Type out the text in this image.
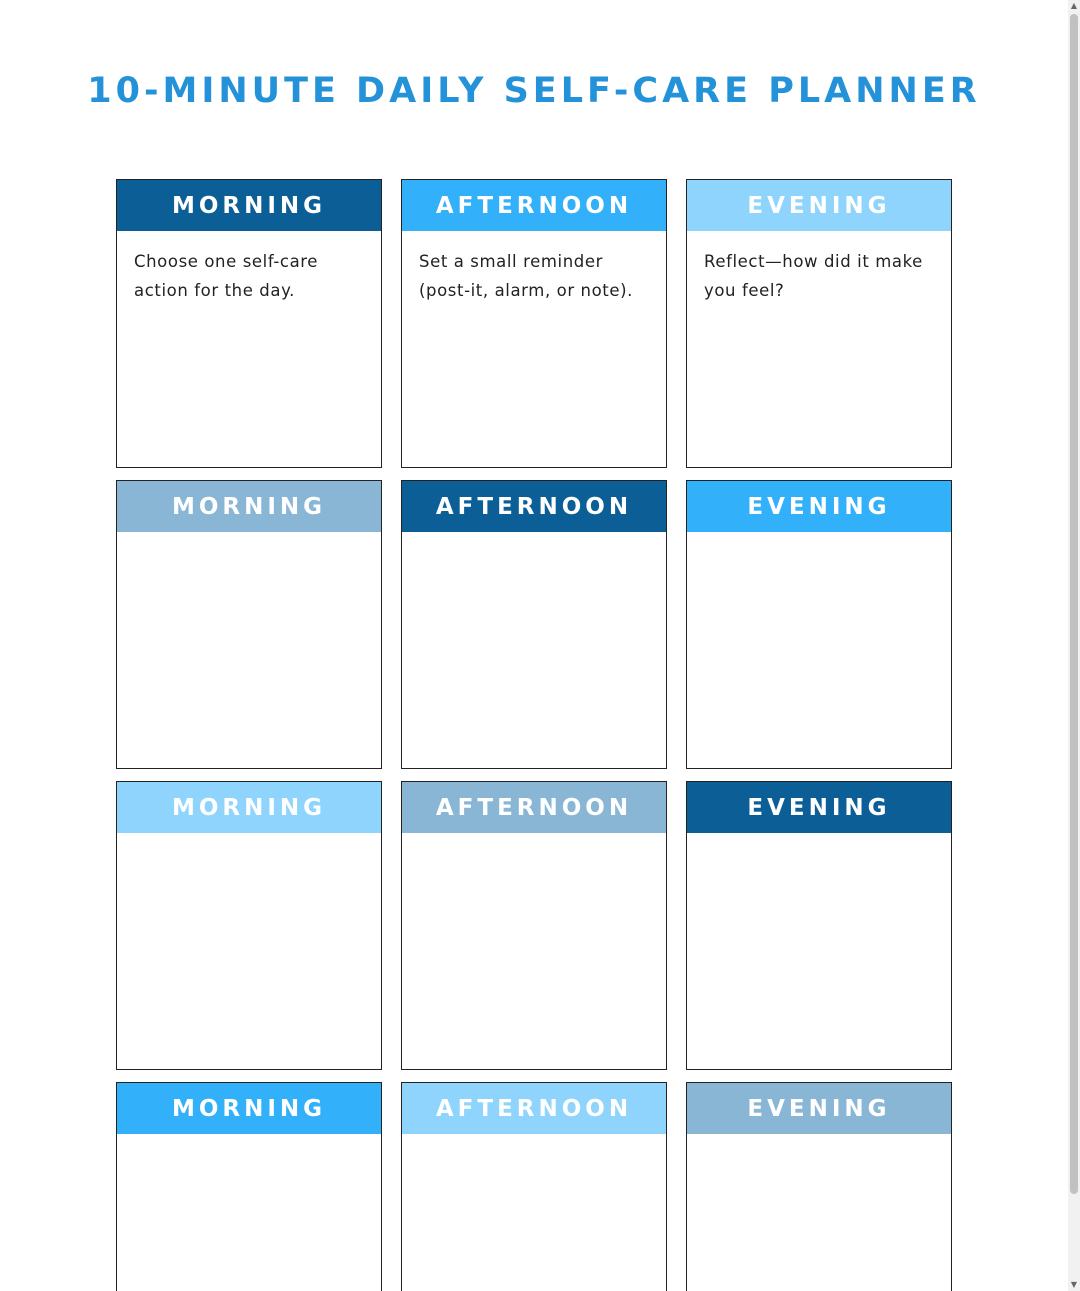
10-MINUTE DAILY SELF-CARE PLANNER
MORNING
Choose one self-care action for the day.
AFTERNOON
Set a small reminder (post-it, alarm, or note).
EVENING
Reflect—how did it make you feel?
MORNING	AFTERNOON	EVENING
MORNING	AFTERNOON	EVENING
MORNING	AFTERNOON	EVENING
▲
▼
